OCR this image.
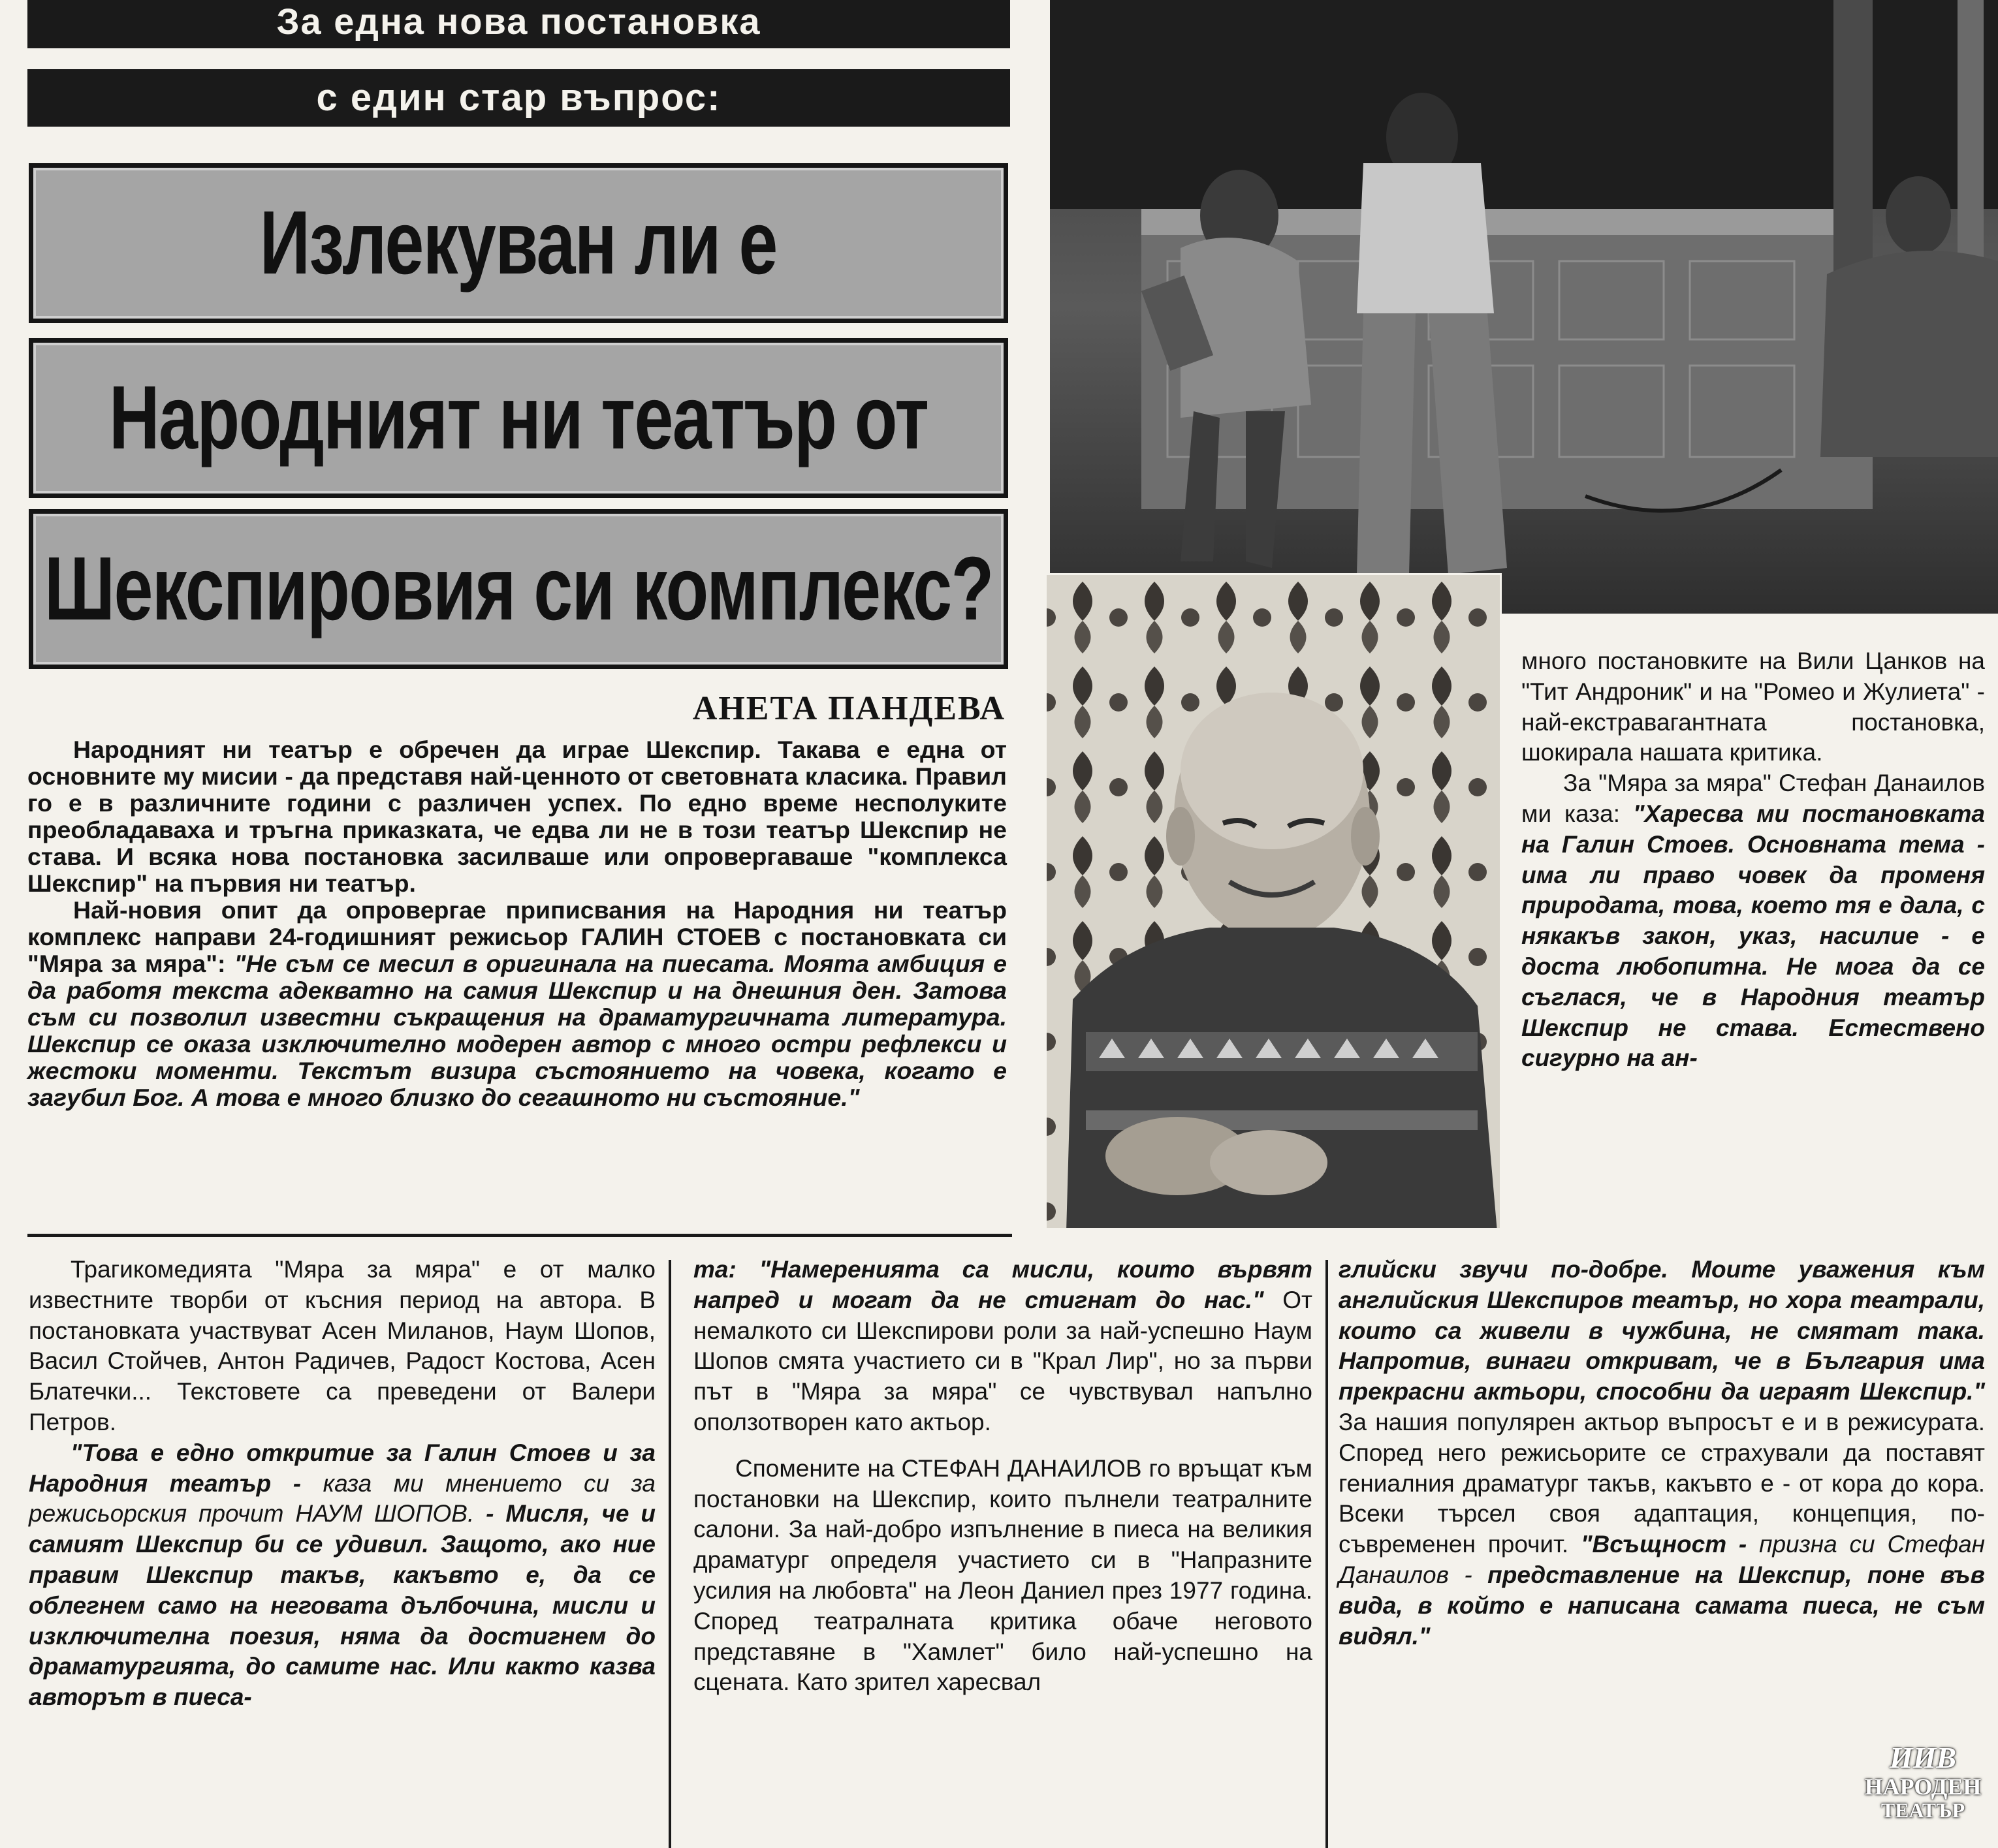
За една нова постановка
с един стар въпрос:
Излекуван ли е
Народният ни театър от
Шекспировия си комплекс?
АНЕТА ПАНДЕВА

Народният ни театър е обречен да играе Шекспир. Такава е една от основните му мисии - да представя най-ценното от световната класика. Правил го е в различните години с различен успех. По едно време несполуките преобладаваха и тръгна приказката, че едва ли не в този театър Шекспир не става. И всяка нова постановка засилваше или опровергаваше "комплекса Шекспир" на първия ни театър.

Най-новия опит да опровергае приписвания на Народния ни театър комплекс направи 24-годишният режисьор ГАЛИН СТОЕВ с постановката си "Мяра за мяра": "Не съм се месил в оригинала на пиесата. Моята амбиция е да работя текста адекватно на самия Шекспир и на днешния ден. Затова съм си позволил известни съкращения на драматургичната литература. Шекспир се оказа изключително модерен автор с много остри рефлекси и жестоки моменти. Текстът визира състоянието на човека, когато е загубил Бог. А това е много близко до сегашното ни състояние."

много постановките на Вили Цанков на "Тит Андроник" и на "Ромео и Жулиета" - най-екстравагантната постановка, шокирала нашата критика.

За "Мяра за мяра" Стефан Данаилов ми каза: "Харесва ми постановката на Галин Стоев. Основната тема - има ли право човек да променя природата, това, което тя е дала, с някакъв закон, указ, насилие - е доста любопитна. Не мога да се съглася, че в Народния театър Шекспир не става. Естествено сигурно на ан-

Трагикомедията "Мяра за мяра" е от малко известните творби от късния период на автора. В постановката участвуват Асен Миланов, Наум Шопов, Васил Стойчев, Антон Радичев, Радост Костова, Асен Блатечки... Текстовете са преведени от Валери Петров.

"Това е едно откритие за Галин Стоев и за Народния театър - каза ми мнението си за режисьорския прочит НАУМ ШОПОВ. - Мисля, че и самият Шекспир би се удивил. Защото, ако ние правим Шекспир такъв, какъвто е, да се облегнем само на неговата дълбочина, мисли и изключителна поезия, няма да достигнем до драматургията, до самите нас. Или както казва авторът в пиеса-

та: "Намеренията са мисли, които вървят напред и могат да не стигнат до нас." От немалкото си Шекспирови роли за най-успешно Наум Шопов смята участието си в "Крал Лир", но за първи път в "Мяра за мяра" се чувствувал напълно оползотворен като актьор.

Спомените на СТЕФАН ДАНАИЛОВ го връщат към постановки на Шекспир, които пълнели театралните салони. За най-добро изпълнение в пиеса на великия драматург определя участието си в "Напразните усилия на любовта" на Леон Даниел през 1977 година. Според театралната критика обаче неговото представяне в "Хамлет" било най-успешно на сцената. Като зрител харесвал

глийски звучи по-добре. Моите уважения към английския Шекспиров театър, но хора театрали, които са живели в чужбина, не смятат така. Напротив, винаги откриват, че в България има прекрасни актьори, способни да играят Шекспир." За нашия популярен актьор въпросът е и в режисурата. Според него режисьорите се страхували да поставят гениалния драматург такъв, какъвто е - от кора до кора. Всеки търсел своя адаптация, концепция, по-съвременен прочит. "Всъщност - призна си Стефан Данаилов - представление на Шекспир, поне във вида, в който е написана самата пиеса, не съм видял."

ИИВ
НАРОДЕН
ТЕАТЪР
